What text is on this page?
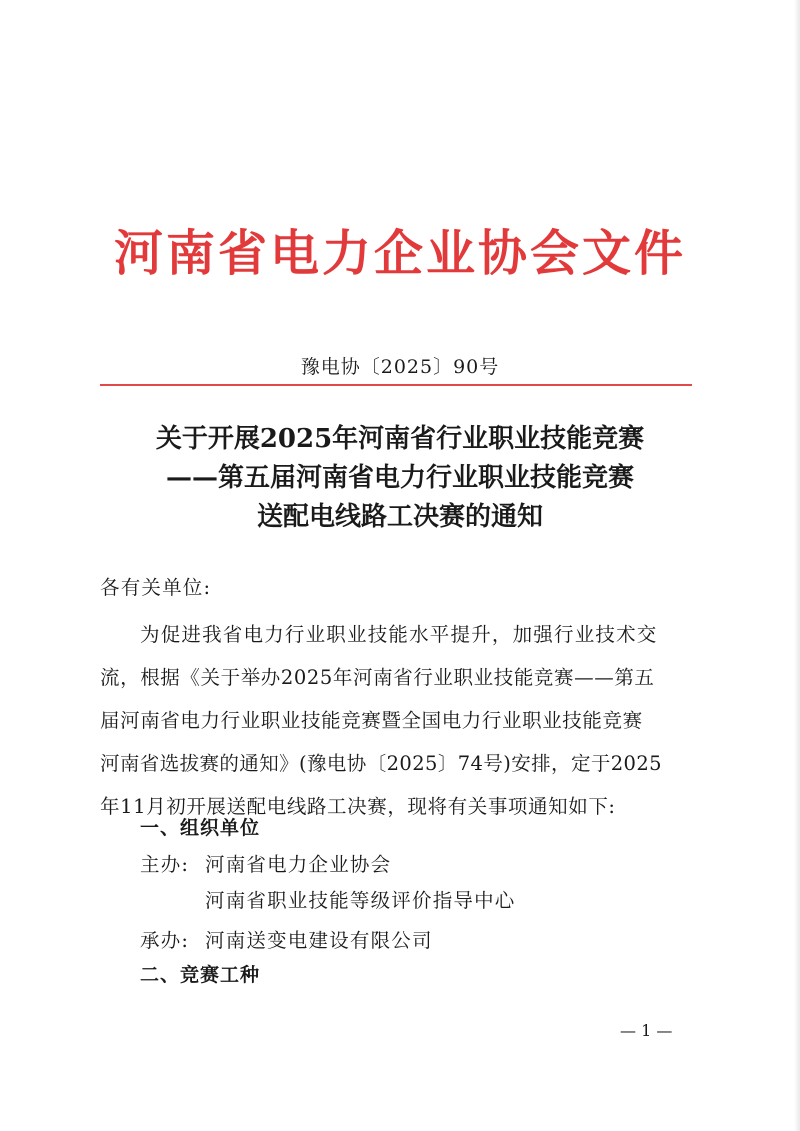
河南省电力企业协会文件
豫电协〔2025〕90号
关于开展2025年河南省行业职业技能竞赛
——第五届河南省电力行业职业技能竞赛
送配电线路工决赛的通知
各有关单位:
为促进我省电力行业职业技能水平提升，加强行业技术交
流，根据《关于举办2025年河南省行业职业技能竞赛——第五
届河南省电力行业职业技能竞赛暨全国电力行业职业技能竞赛
河南省选拔赛的通知》(豫电协〔2025〕74号)安排，定于2025
年11月初开展送配电线路工决赛，现将有关事项通知如下:
一、组织单位
主办: 河南省电力企业协会
河南省职业技能等级评价指导中心
承办: 河南送变电建设有限公司
二、竞赛工种
— 1 —
